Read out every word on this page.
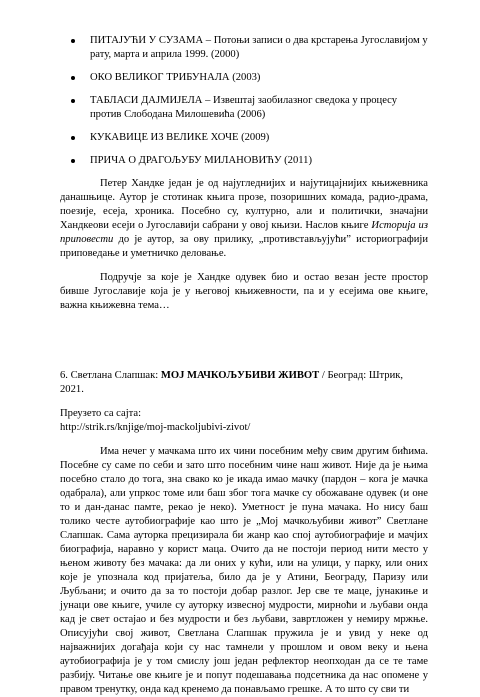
ПИТАЈУЋИ У СУЗАМА – Потоњи записи о два крстарења Југославијом у рату, марта и априла 1999. (2000)
ОКО ВЕЛИКОГ ТРИБУНАЛА (2003)
ТАБЛАСИ ДАЈМИЈЕЛА – Извештај заобилазног сведока у процесу против Слободана Милошевића (2006)
КУКАВИЦЕ ИЗ ВЕЛИКЕ ХОЧЕ (2009)
ПРИЧА О ДРАГОЉУБУ МИЛАНОВИЋУ (2011)

Петер Хандке један је од најугледнијих и најутицајнијих књижевника данашњице. Аутор је стотинак књига прозе, позоришних комада, радио-драма, поезије, есеја, хроника. Посебно су, културно, али и политички, значајни Хандкеови есеји о Југославији сабрани у овој књизи. Наслов књиге Историја из приповести до је аутор, за ову прилику, „противстављујући” историографији приповедање и уметничко деловање.

Подручје за које је Хандке одувек био и остао везан јесте простор бивше Југославије која је у његовој књижевности, па и у есејима ове књиге, важна књижевна тема…

6. Светлана Слапшак: МОЈ МАЧКОЉУБИВИ ЖИВОТ / Београд: Штрик, 2021.

Преузето са сајта:
http://strik.rs/knjige/moj-mackoljubivi-zivot/

Има нечег у мачкама што их чини посебним међу свим другим бићима. Посебне су саме по себи и зато што посебним чине наш живот. Није да је њима посебно стало до тога, зна свако ко је икада имао мачку (пардон – кога је мачка одабрала), али упркос томе или баш због тога мачке су обожаване одувек (и оне то и дан-данас памте, рекао је неко). Уметност је пуна мачака. Но нису баш толико честе аутобиографије као што је „Мој мачкољубиви живот” Светлане Слапшак. Сама ауторка прецизирала би жанр као спој аутобиографије и мачјих биографија, наравно у корист маца. Очито да не постоји период нити место у њеном животу без мачака: да ли оних у кући, или на улици, у парку, или оних које је упознала код пријатеља, било да је у Атини, Београду, Паризу или Љубљани; и очито да за то постоји добар разлог. Јер све те маце, јунакиње и јунаци ове књиге, училе су ауторку извесној мудрости, мирноћи и љубави онда кад је свет остајао и без мудрости и без љубави, завртложен у немиру мржње. Описујући свој живот, Светлана Слапшак пружила је и увид у неке од најважнијих догађаја који су нас тамнели у прошлом и овом веку и њена аутобиографија је у том смислу још један рефлектор неопходан да се те таме разбију. Читање ове књиге је и попут подешавања подсетника да нас опомене у правом тренутку, онда кад кренемо да понављамо грешке. А то што су сви ти
